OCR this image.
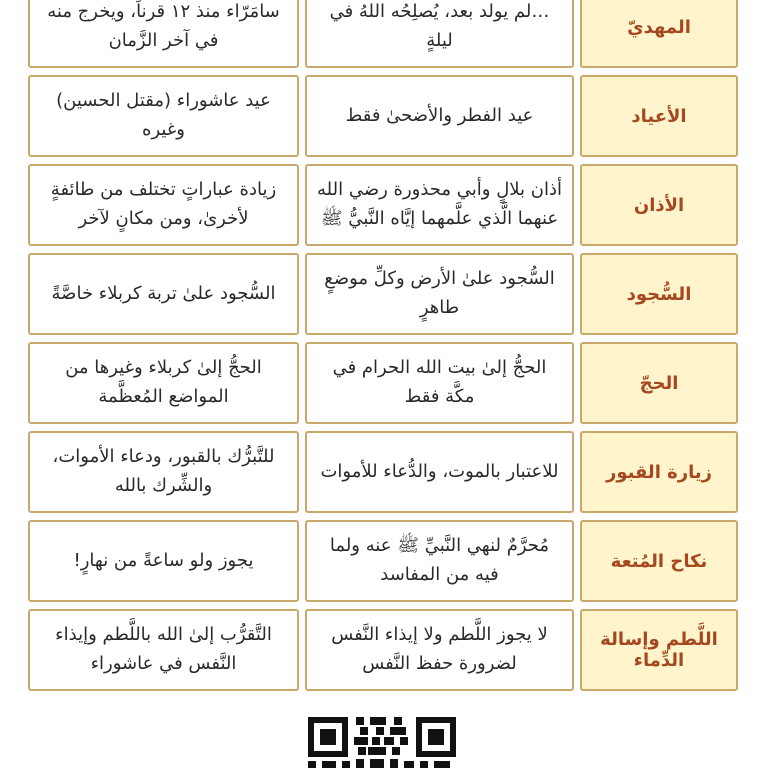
سامَرّاء منذ ١٢ قرناً، ويخرج منه في آخر الزَّمان
…لم يولد بعد، يُصلِحُه اللهُ في ليلةٍ
المهديّ
عيد عاشوراء (مقتل الحسين) وغيره
عيد الفطر والأضحىٰ فقط	الأعياد
زيادة عباراتٍ تختلف من طائفةٍ لأخرىٰ، ومن مكانٍ لآخر
أذان بلالٍ وأبي محذورة رضي الله عنهما الَّذي علَّمهما إيَّاه النَّبيُّ ﷺ
الأذان
السُّجود علىٰ تربة كربلاء خاصَّةً
السُّجود علىٰ الأرض وكلِّ موضعٍ طاهرٍ
السُّجود
الحجُّ إلىٰ كربلاء وغيرها من المواضع المُعظَّمة
الحجُّ إلىٰ بيت الله الحرام في مكَّة فقط
الحجّ
للتَّبرُّك بالقبور، ودعاء الأموات، والشِّرك بالله
للاعتبار بالموت، والدُّعاء للأموات	زيارة القبور
يجوز ولو ساعةً من نهارٍ!
مُحرَّمٌ لنهي النَّبيِّ ﷺ عنه ولما فيه من المفاسد
نكاح المُتعة
التَّقرُّب إلىٰ الله باللَّطم وإيذاء النَّفس في عاشوراء
لا يجوز اللَّطم ولا إيذاء النَّفس لضرورة حفظ النَّفس
اللَّطم وإسالة الدِّماء
